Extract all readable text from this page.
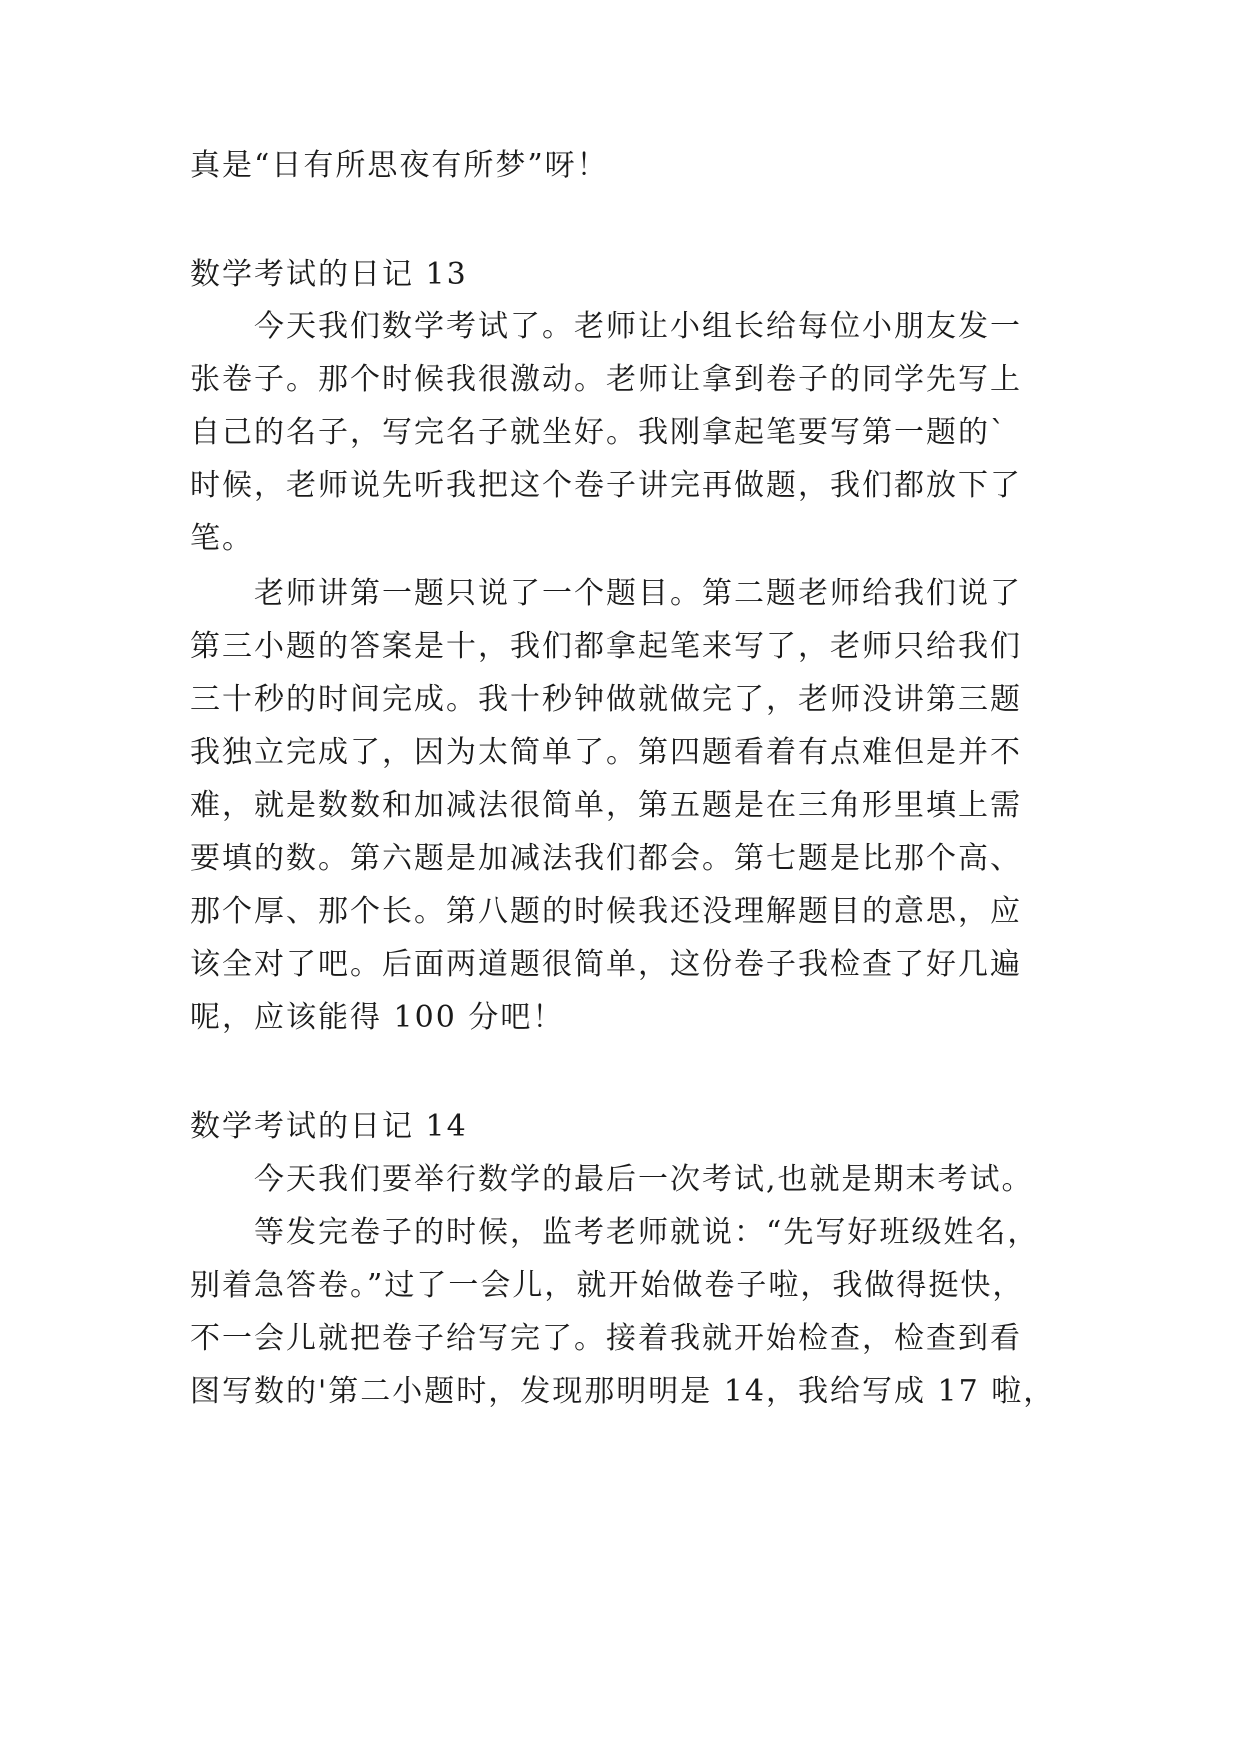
真是“日有所思夜有所梦”呀！
数学考试的日记 13
今天我们数学考试了。老师让小组长给每位小朋友发一
张卷子。那个时候我很激动。老师让拿到卷子的同学先写上
自己的名子，写完名子就坐好。我刚拿起笔要写第一题的`
时候，老师说先听我把这个卷子讲完再做题，我们都放下了
笔。
老师讲第一题只说了一个题目。第二题老师给我们说了
第三小题的答案是十，我们都拿起笔来写了，老师只给我们
三十秒的时间完成。我十秒钟做就做完了，老师没讲第三题
我独立完成了，因为太简单了。第四题看着有点难但是并不
难，就是数数和加减法很简单，第五题是在三角形里填上需
要填的数。第六题是加减法我们都会。第七题是比那个高、
那个厚、那个长。第八题的时候我还没理解题目的意思，应
该全对了吧。后面两道题很简单，这份卷子我检查了好几遍
呢，应该能得 100 分吧！
数学考试的日记 14
今天我们要举行数学的最后一次考试,也就是期末考试。
等发完卷子的时候，监考老师就说：“先写好班级姓名，
别着急答卷。”过了一会儿，就开始做卷子啦，我做得挺快，
不一会儿就把卷子给写完了。接着我就开始检查，检查到看
图写数的'第二小题时，发现那明明是 14，我给写成 17 啦，
